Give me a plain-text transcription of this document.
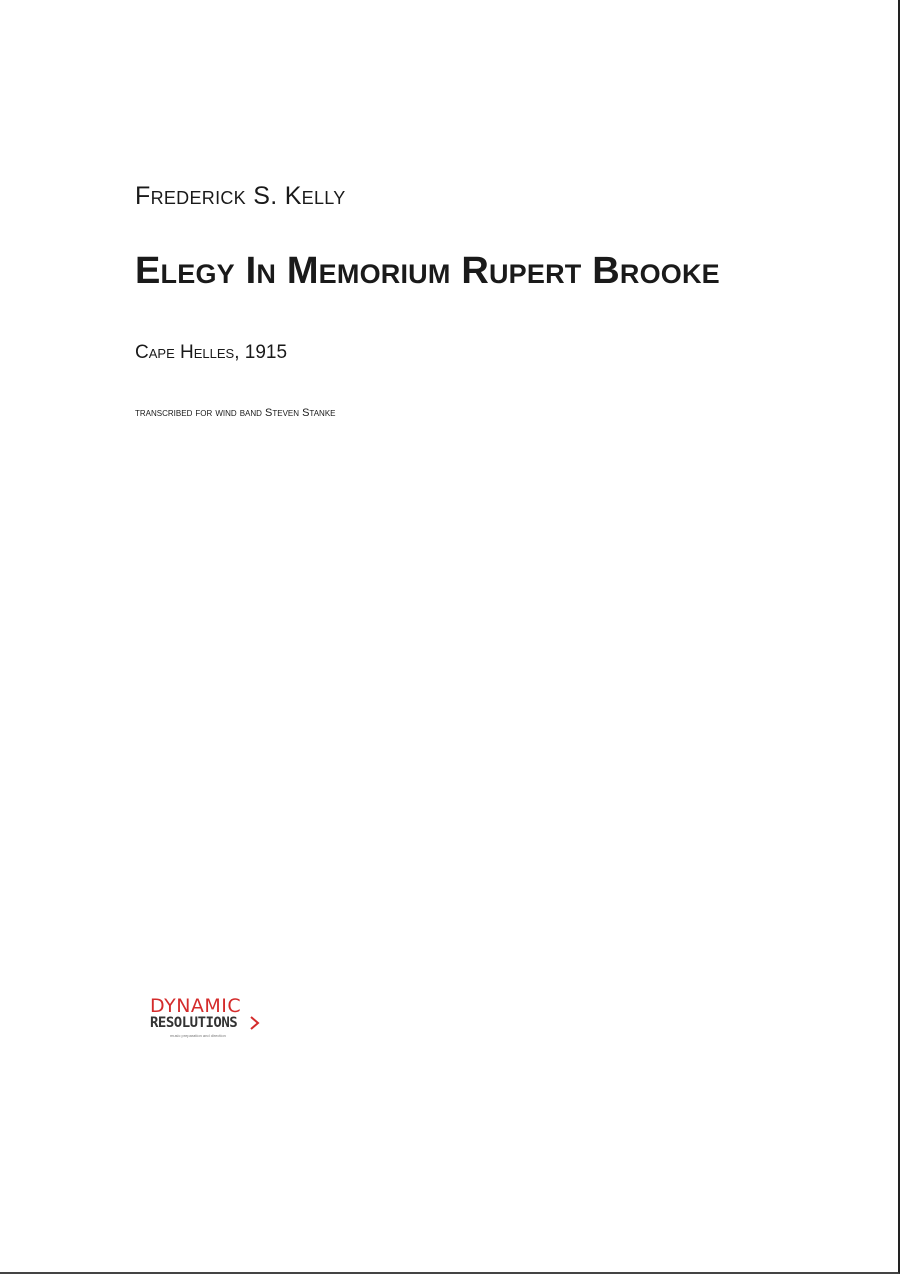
Frederick S. Kelly
Elegy In Memorium Rupert Brooke
Cape Helles, 1915
transcribed for wind band Steven Stanke
DYNAMIC
RESOLUTIONS
music preparation and direction
